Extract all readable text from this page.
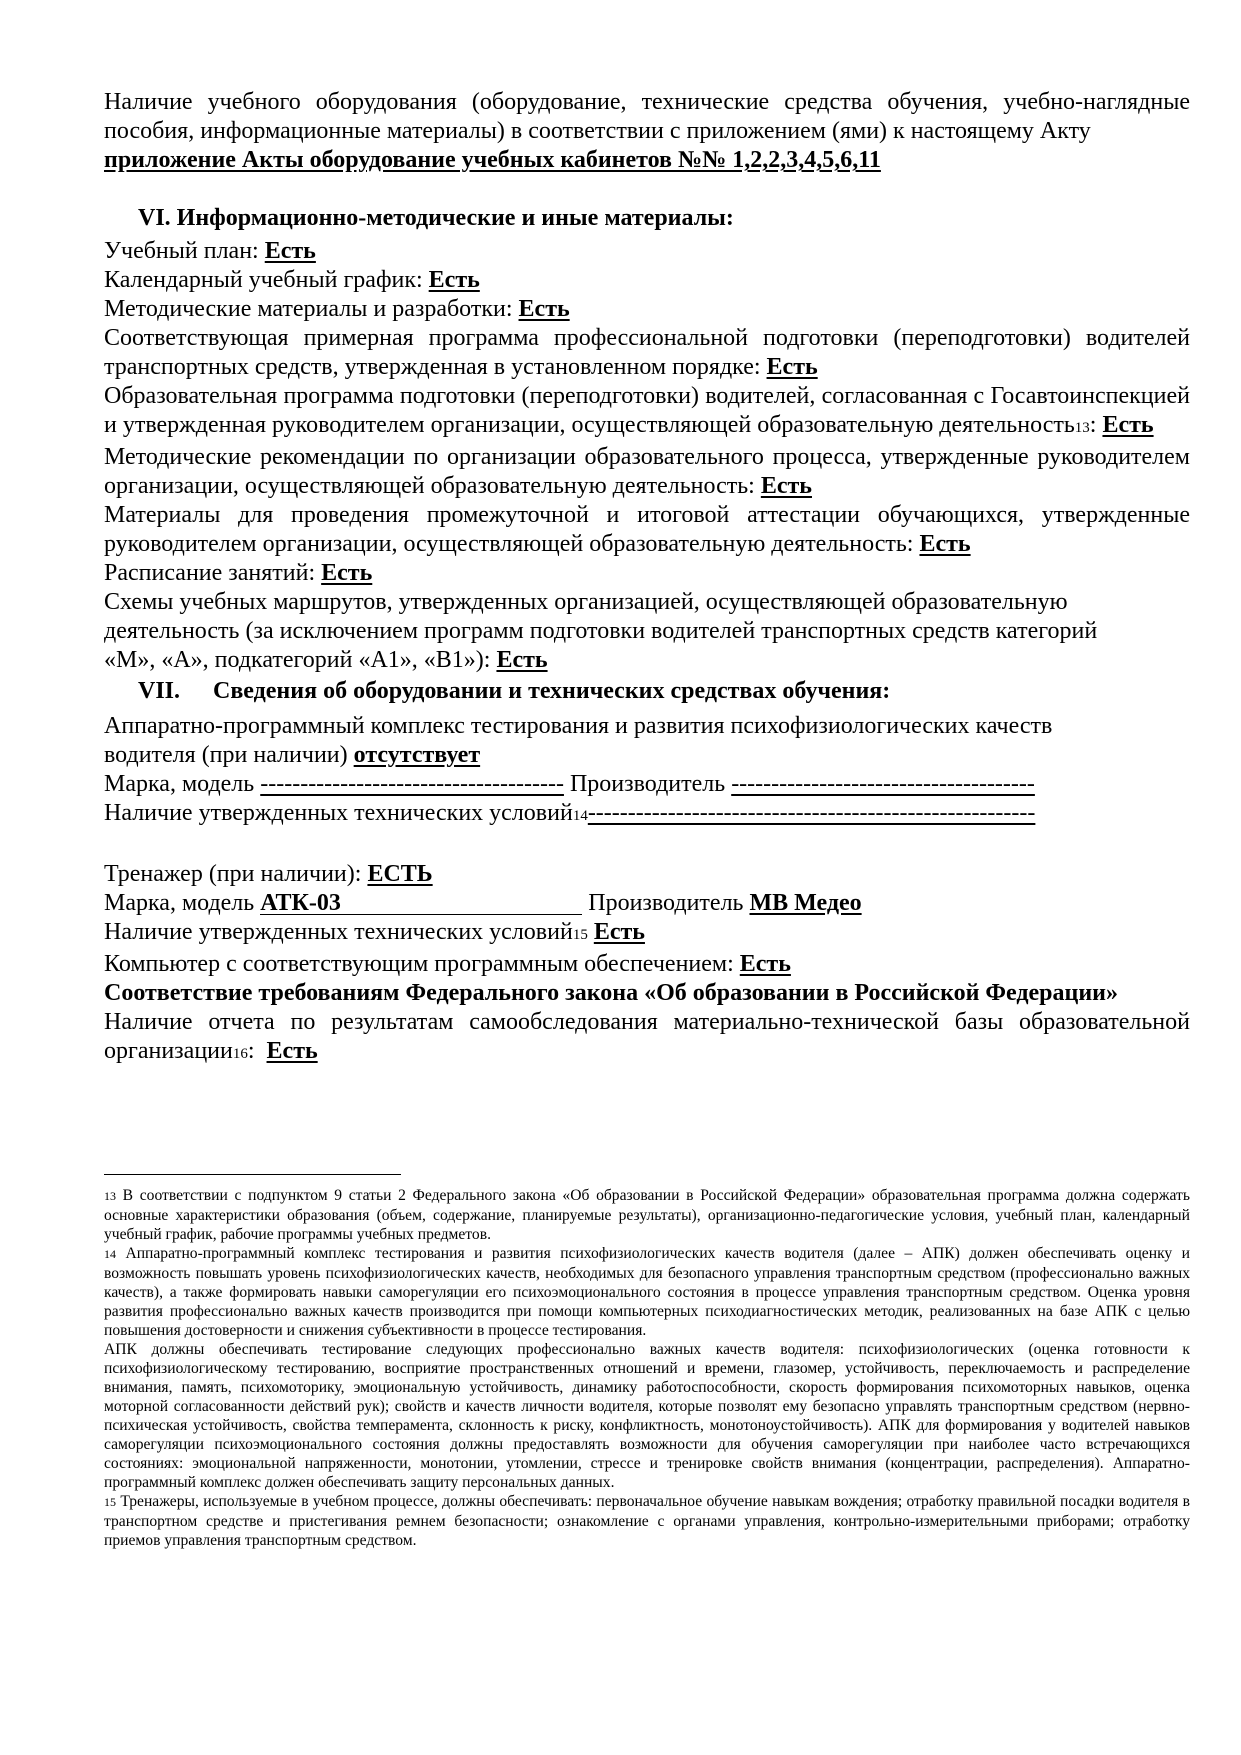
Наличие учебного оборудования (оборудование, технические средства обучения, учебно-наглядные пособия, информационные материалы) в соответствии с приложением (ями) к настоящему Акту
приложение Акты оборудование учебных кабинетов №№ 1,2,2,3,4,5,6,11

VI. Информационно-методические и иные материалы:

Учебный план: Есть

Календарный учебный график: Есть

Методические материалы и разработки: Есть

Соответствующая примерная программа профессиональной подготовки (переподготовки) водителей транспортных средств, утвержденная в установленном порядке: Есть

Образовательная программа подготовки (переподготовки) водителей, согласованная с Госавтоинспекцией и утвержденная руководителем организации, осуществляющей образовательную деятельность13: Есть

Методические рекомендации по организации образовательного процесса, утвержденные руководителем организации, осуществляющей образовательную деятельность: Есть

Материалы для проведения промежуточной и итоговой аттестации обучающихся, утвержденные руководителем организации, осуществляющей образовательную деятельность: Есть

Расписание занятий: Есть

Схемы учебных маршрутов, утвержденных организацией, осуществляющей образовательную
деятельность (за исключением программ подготовки водителей транспортных средств категорий
«M», «A», подкатегорий «A1», «B1»): Есть

VII. Сведения об оборудовании и технических средствах обучения:

Аппаратно-программный комплекс тестирования и развития психофизиологических качеств
водителя (при наличии) отсутствует

Марка, модель -------------------------------------- Производитель --------------------------------------

Наличие утвержденных технических условий14--------------------------------------------------------

Тренажер (при наличии): ЕСТЬ

Марка, модель АТК-03	Производитель MB Медео

Наличие утвержденных технических условий15 Есть

Компьютер с соответствующим программным обеспечением: Есть

Соответствие требованиям Федерального закона «Об образовании в Российской Федерации»

Наличие отчета по результатам самообследования материально-технической базы образовательной организации16:  Есть

13 В соответствии с подпунктом 9 статьи 2 Федерального закона «Об образовании в Российской Федерации» образовательная программа должна содержать основные характеристики образования (объем, содержание, планируемые результаты), организационно-педагогические условия, учебный план, календарный учебный график, рабочие программы учебных предметов.

14 Аппаратно-программный комплекс тестирования и развития психофизиологических качеств водителя (далее – АПК) должен обеспечивать оценку и возможность повышать уровень психофизиологических качеств, необходимых для безопасного управления транспортным средством (профессионально важных качеств), а также формировать навыки саморегуляции его психоэмоционального состояния в процессе управления транспортным средством. Оценка уровня развития профессионально важных качеств производится при помощи компьютерных психодиагностических методик, реализованных на базе АПК с целью повышения достоверности и снижения субъективности в процессе тестирования.

АПК должны обеспечивать тестирование следующих профессионально важных качеств водителя: психофизиологических (оценка готовности к психофизиологическому тестированию, восприятие пространственных отношений и времени, глазомер, устойчивость, переключаемость и распределение внимания, память, психомоторику, эмоциональную устойчивость, динамику работоспособности, скорость формирования психомоторных навыков, оценка моторной согласованности действий рук); свойств и качеств личности водителя, которые позволят ему безопасно управлять транспортным средством (нервно-психическая устойчивость, свойства темперамента, склонность к риску, конфликтность, монотоноустойчивость). АПК для формирования у водителей навыков саморегуляции психоэмоционального состояния должны предоставлять возможности для обучения саморегуляции при наиболее часто встречающихся состояниях: эмоциональной напряженности, монотонии, утомлении, стрессе и тренировке свойств внимания (концентрации, распределения). Аппаратно-программный комплекс должен обеспечивать защиту персональных данных.

15 Тренажеры, используемые в учебном процессе, должны обеспечивать: первоначальное обучение навыкам вождения; отработку правильной посадки водителя в транспортном средстве и пристегивания ремнем безопасности; ознакомление с органами управления, контрольно-измерительными приборами; отработку приемов управления транспортным средством.
